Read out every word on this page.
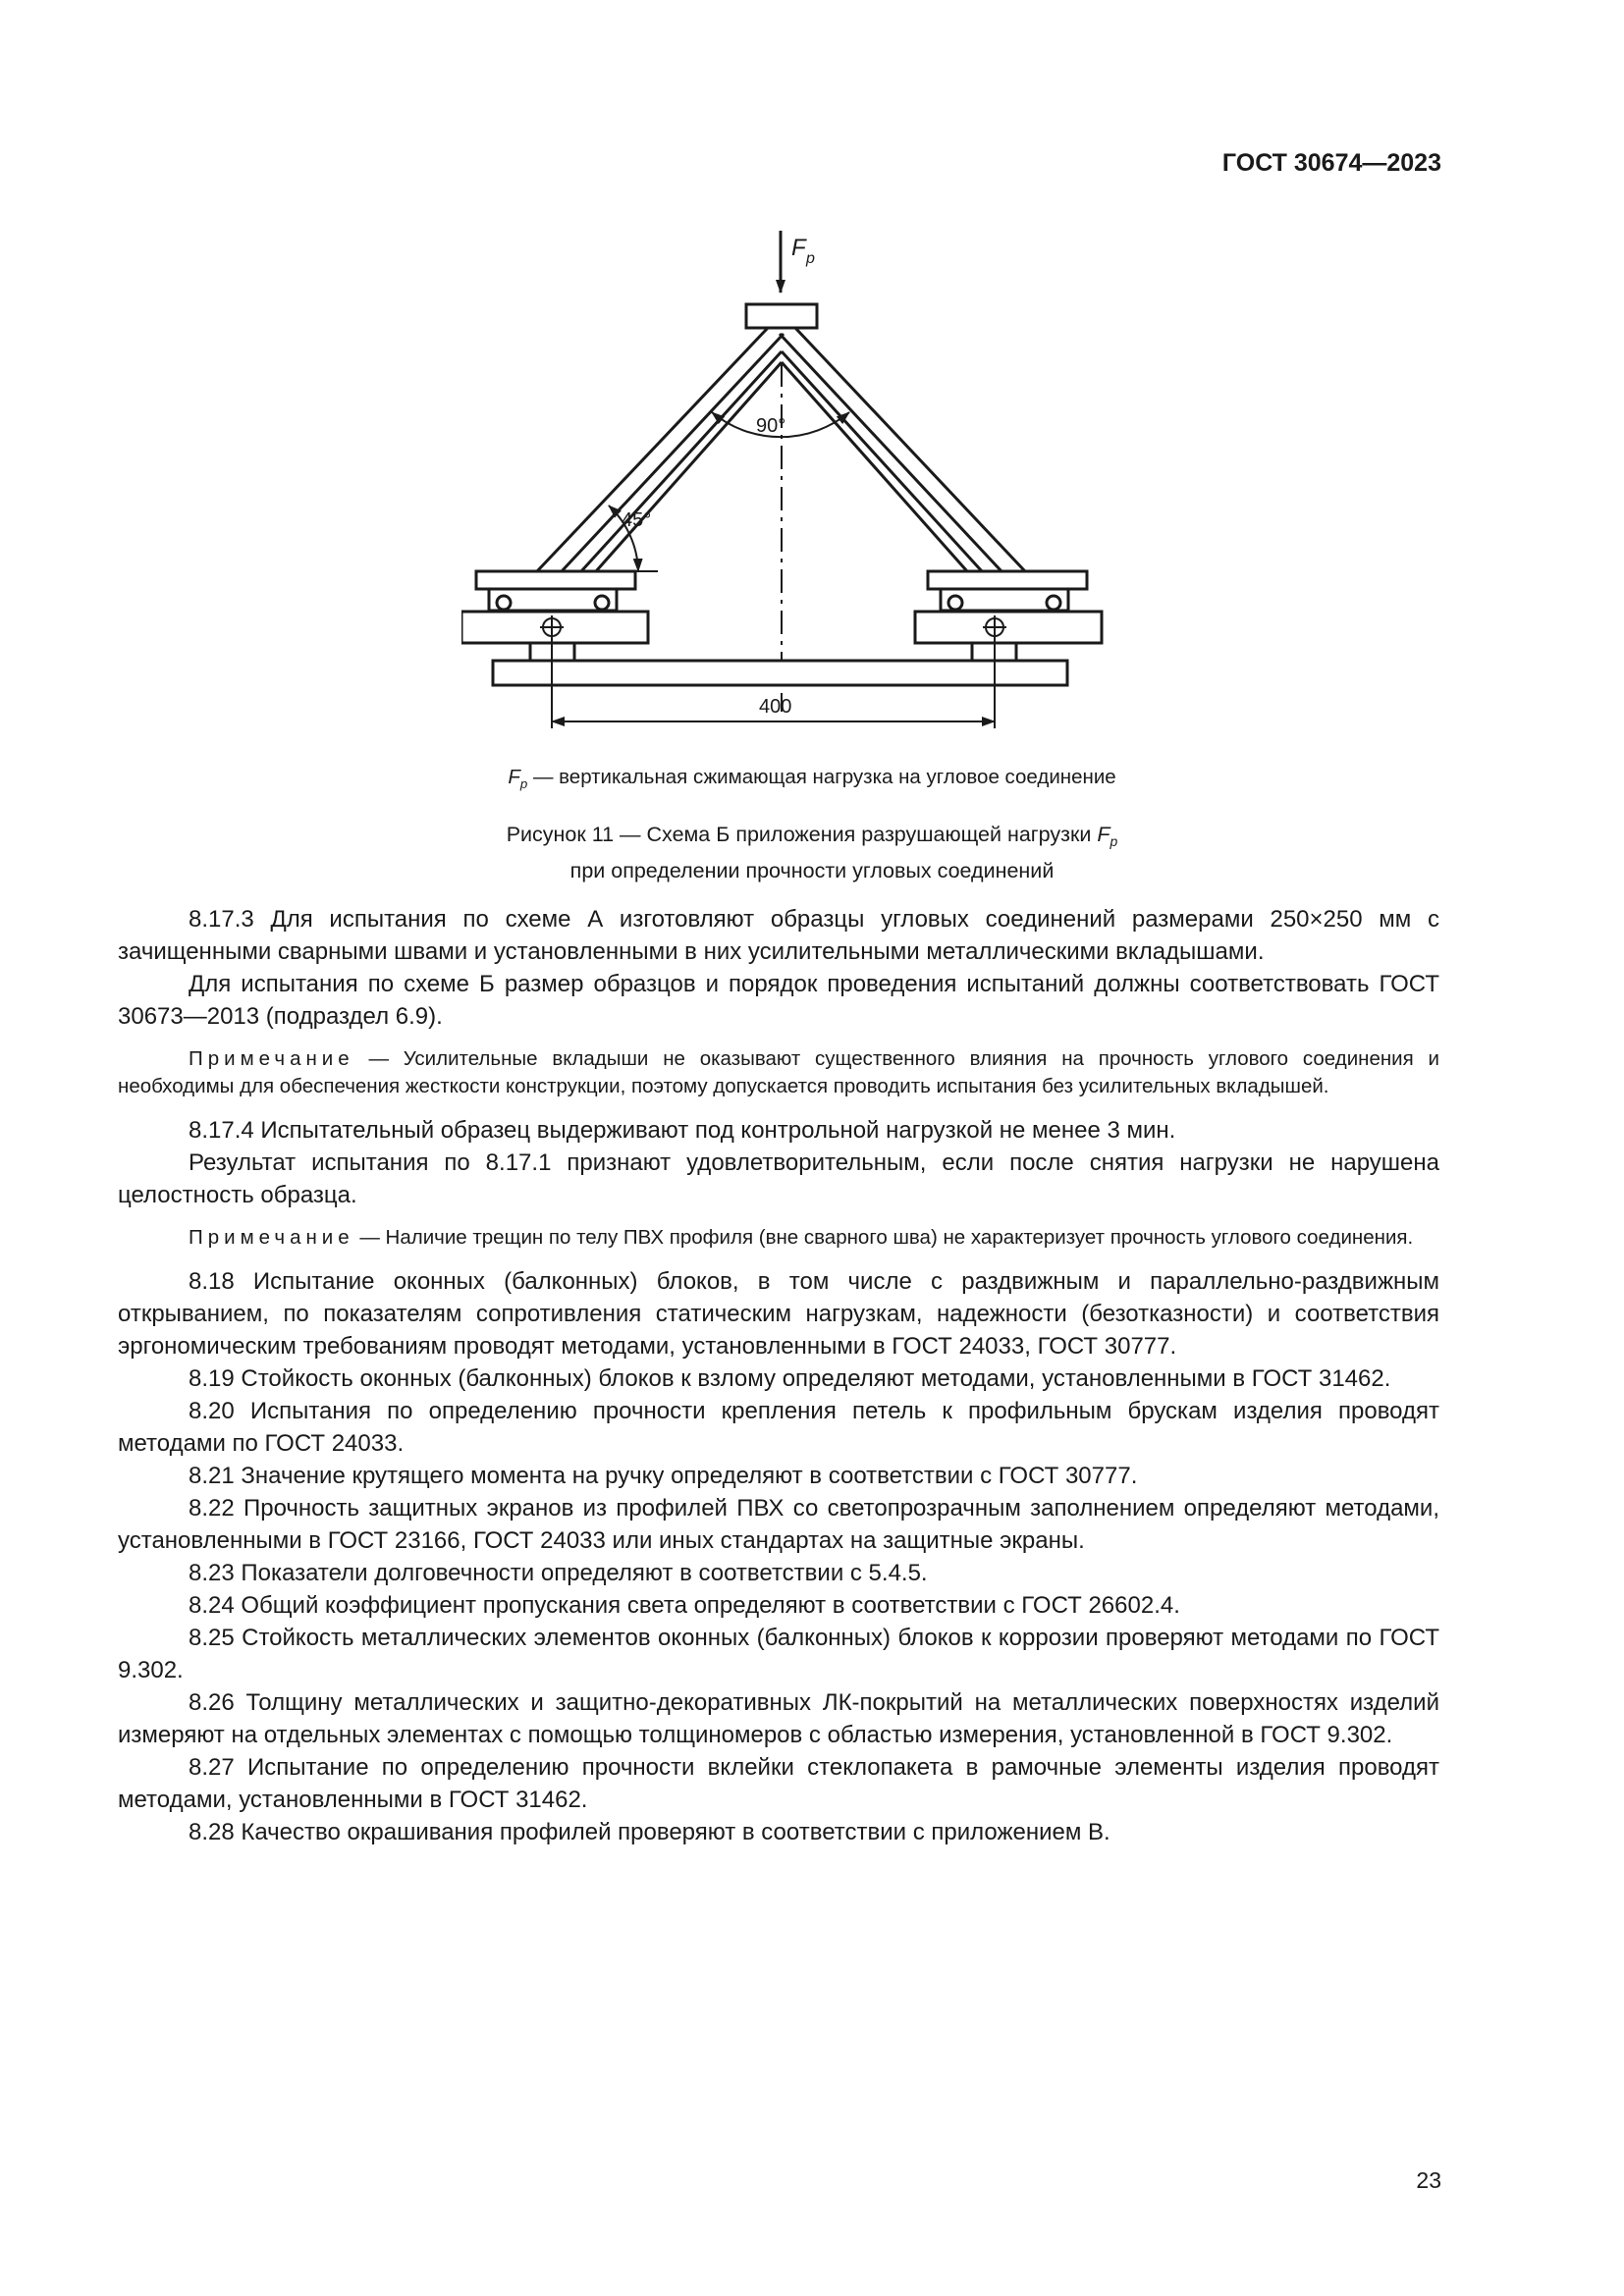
ГОСТ 30674—2023
F p
90°
45°
400
$F_p$ — вертикальная сжимающая нагрузка на угловое соединение
Рисунок 11 — Схема Б приложения разрушающей нагрузки $F_p$
при определении прочности угловых соединений

8.17.3 Для испытания по схеме А изготовляют образцы угловых соединений размерами 250×250 мм с зачищенными сварными швами и установленными в них усилительными металлическими вкладышами.

Для испытания по схеме Б размер образцов и порядок проведения испытаний должны соответствовать ГОСТ 30673—2013 (подраздел 6.9).

Примечание — Усилительные вкладыши не оказывают существенного влияния на прочность углового соединения и необходимы для обеспечения жесткости конструкции, поэтому допускается проводить испытания без усилительных вкладышей.

8.17.4 Испытательный образец выдерживают под контрольной нагрузкой не менее 3 мин.

Результат испытания по 8.17.1 признают удовлетворительным, если после снятия нагрузки не нарушена целостность образца.

Примечание — Наличие трещин по телу ПВХ профиля (вне сварного шва) не характеризует прочность углового соединения.

8.18 Испытание оконных (балконных) блоков, в том числе с раздвижным и параллельно-раздвижным открыванием, по показателям сопротивления статическим нагрузкам, надежности (безотказности) и соответствия эргономическим требованиям проводят методами, установленными в ГОСТ 24033, ГОСТ 30777.

8.19 Стойкость оконных (балконных) блоков к взлому определяют методами, установленными в ГОСТ 31462.

8.20 Испытания по определению прочности крепления петель к профильным брускам изделия проводят методами по ГОСТ 24033.

8.21 Значение крутящего момента на ручку определяют в соответствии с ГОСТ 30777.

8.22 Прочность защитных экранов из профилей ПВХ со светопрозрачным заполнением определяют методами, установленными в ГОСТ 23166, ГОСТ 24033 или иных стандартах на защитные экраны.

8.23 Показатели долговечности определяют в соответствии с 5.4.5.

8.24 Общий коэффициент пропускания света определяют в соответствии с ГОСТ 26602.4.

8.25 Стойкость металлических элементов оконных (балконных) блоков к коррозии проверяют методами по ГОСТ 9.302.

8.26 Толщину металлических и защитно-декоративных ЛК-покрытий на металлических поверхностях изделий измеряют на отдельных элементах с помощью толщиномеров с областью измерения, установленной в ГОСТ 9.302.

8.27 Испытание по определению прочности вклейки стеклопакета в рамочные элементы изделия проводят методами, установленными в ГОСТ 31462.

8.28 Качество окрашивания профилей проверяют в соответствии с приложением В.

23
